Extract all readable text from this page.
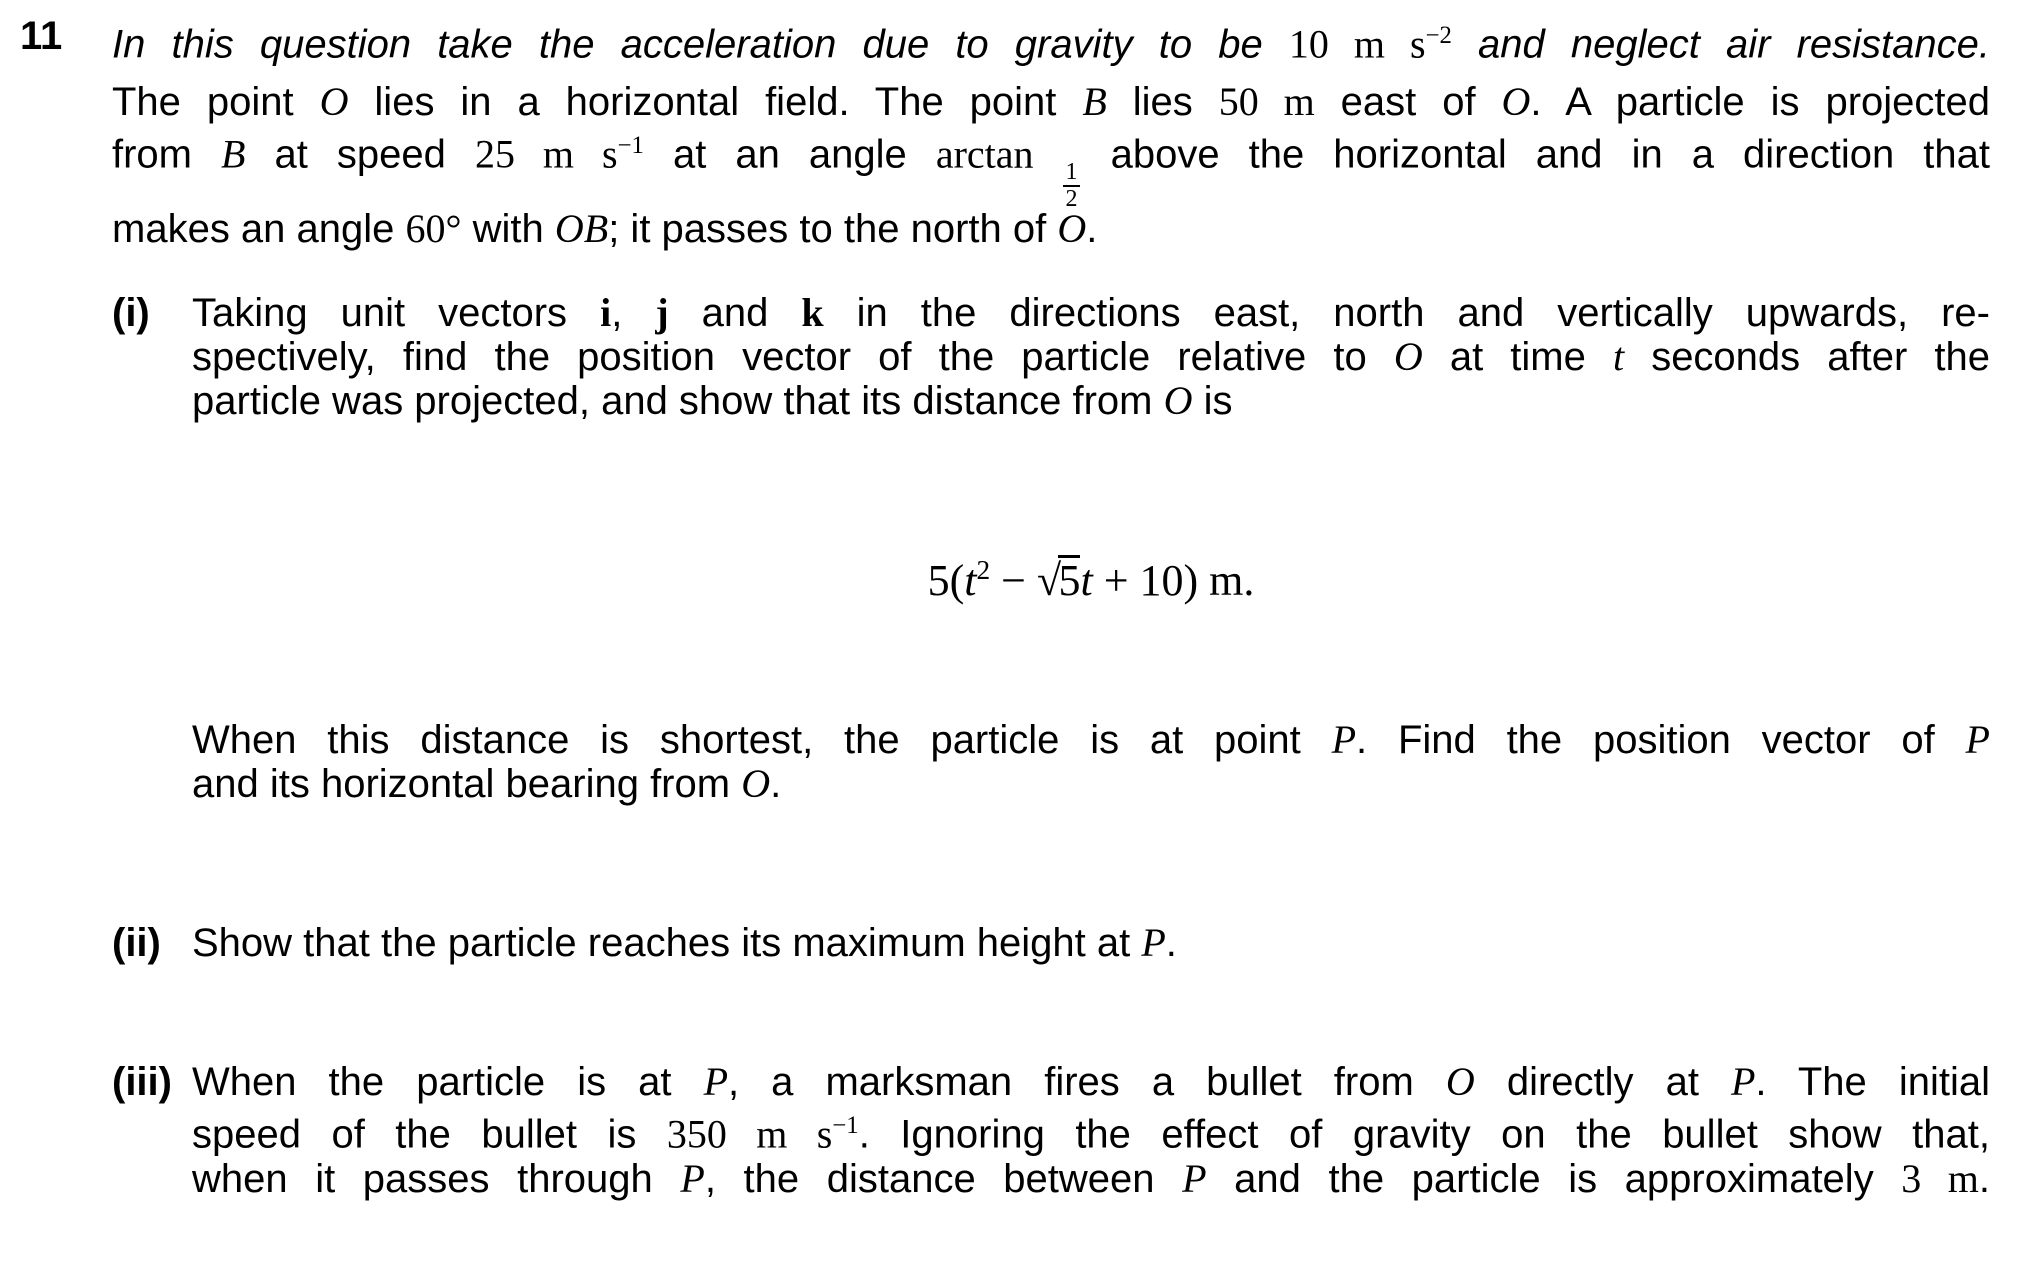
11	In this question take the acceleration due to gravity to be 10 m $s^{-2}$ and neglect air resistance.
The point O lies in a horizontal field. The point B lies 50 m east of O. A particle is projected
from B at speed 25 m $s^{-1}$ at an angle arctan
$\frac{1}{2}$
above the horizontal and in a direction that
makes an angle 60° with OB; it passes to the north of O.
(i)	Taking unit vectors i, j and k in the directions east, north and vertically upwards, re-
spectively, find the position vector of the particle relative to O at time t seconds after the
particle was projected, and show that its distance from O is
$5(t^2 - √5t + 10)$ m.
When this distance is shortest, the particle is at point P. Find the position vector of P
and its horizontal bearing from O.
(ii) Show that the particle reaches its maximum height at P.
(iii) When the particle is at P, a marksman fires a bullet from O directly at P. The initial
speed of the bullet is 350 m $s^{-1}$. Ignoring the effect of gravity on the bullet show that,
when it passes through P, the distance between P and the particle is approximately 3 m.
